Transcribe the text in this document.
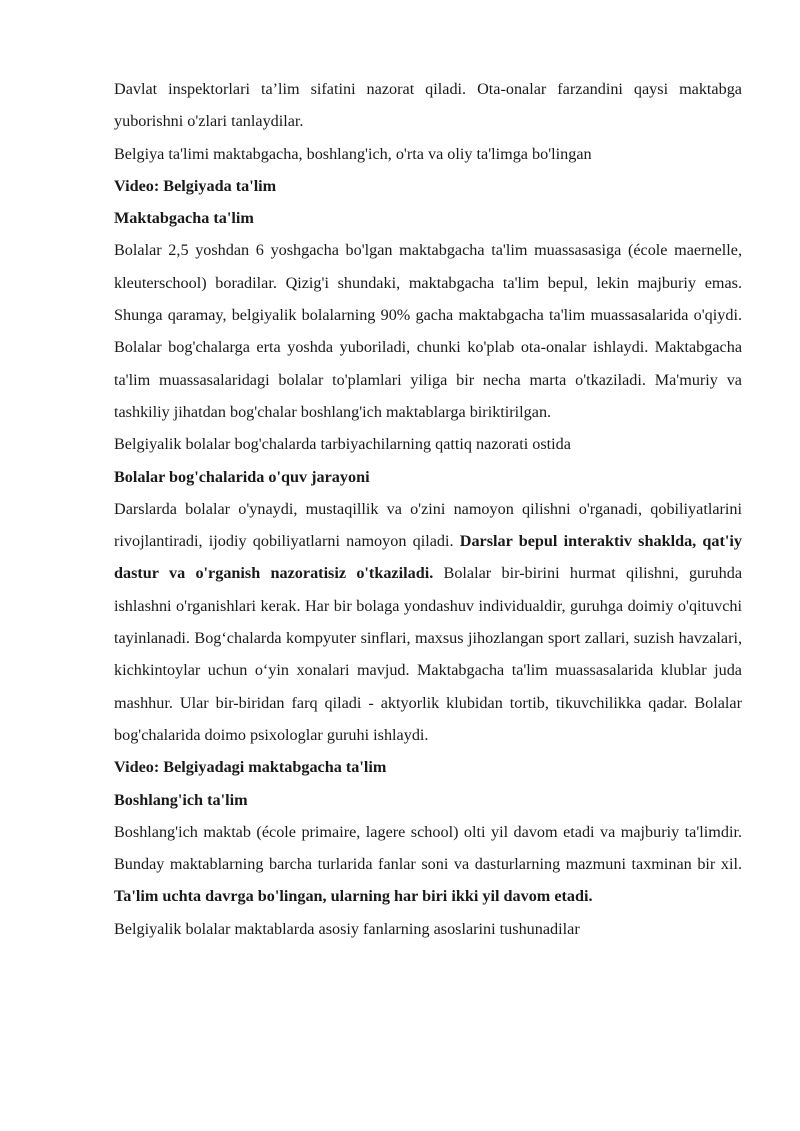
Davlat inspektorlari ta’lim sifatini nazorat qiladi. Ota-onalar farzandini qaysi maktabga yuborishni o'zlari tanlaydilar.

Belgiya ta'limi maktabgacha, boshlang'ich, o'rta va oliy ta'limga bo'lingan

Video: Belgiyada ta'lim

Maktabgacha ta'lim

Bolalar 2,5 yoshdan 6 yoshgacha bo'lgan maktabgacha ta'lim muassasasiga (école maernelle, kleuterschool) boradilar. Qizig'i shundaki, maktabgacha ta'lim bepul, lekin majburiy emas. Shunga qaramay, belgiyalik bolalarning 90% gacha maktabgacha ta'lim muassasalarida o'qiydi. Bolalar bog'chalarga erta yoshda yuboriladi, chunki ko'plab ota-onalar ishlaydi. Maktabgacha ta'lim muassasalaridagi bolalar to'plamlari yiliga bir necha marta o'tkaziladi. Ma'muriy va tashkiliy jihatdan bog'chalar boshlang'ich maktablarga biriktirilgan.

Belgiyalik bolalar bog'chalarda tarbiyachilarning qattiq nazorati ostida

Bolalar bog'chalarida o'quv jarayoni

Darslarda bolalar o'ynaydi, mustaqillik va o'zini namoyon qilishni o'rganadi, qobiliyatlarini rivojlantiradi, ijodiy qobiliyatlarni namoyon qiladi. Darslar bepul interaktiv shaklda, qat'iy dastur va o'rganish nazoratisiz o'tkaziladi. Bolalar bir-birini hurmat qilishni, guruhda ishlashni o'rganishlari kerak. Har bir bolaga yondashuv individualdir, guruhga doimiy o'qituvchi tayinlanadi. Bog‘chalarda kompyuter sinflari, maxsus jihozlangan sport zallari, suzish havzalari, kichkintoylar uchun o‘yin xonalari mavjud. Maktabgacha ta'lim muassasalarida klublar juda mashhur. Ular bir-biridan farq qiladi - aktyorlik klubidan tortib, tikuvchilikka qadar. Bolalar bog'chalarida doimo psixologlar guruhi ishlaydi.

Video: Belgiyadagi maktabgacha ta'lim

Boshlang'ich ta'lim

Boshlang'ich maktab (école primaire, lagere school) olti yil davom etadi va majburiy ta'limdir. Bunday maktablarning barcha turlarida fanlar soni va dasturlarning mazmuni taxminan bir xil. Ta'lim uchta davrga bo'lingan, ularning har biri ikki yil davom etadi.

Belgiyalik bolalar maktablarda asosiy fanlarning asoslarini tushunadilar
